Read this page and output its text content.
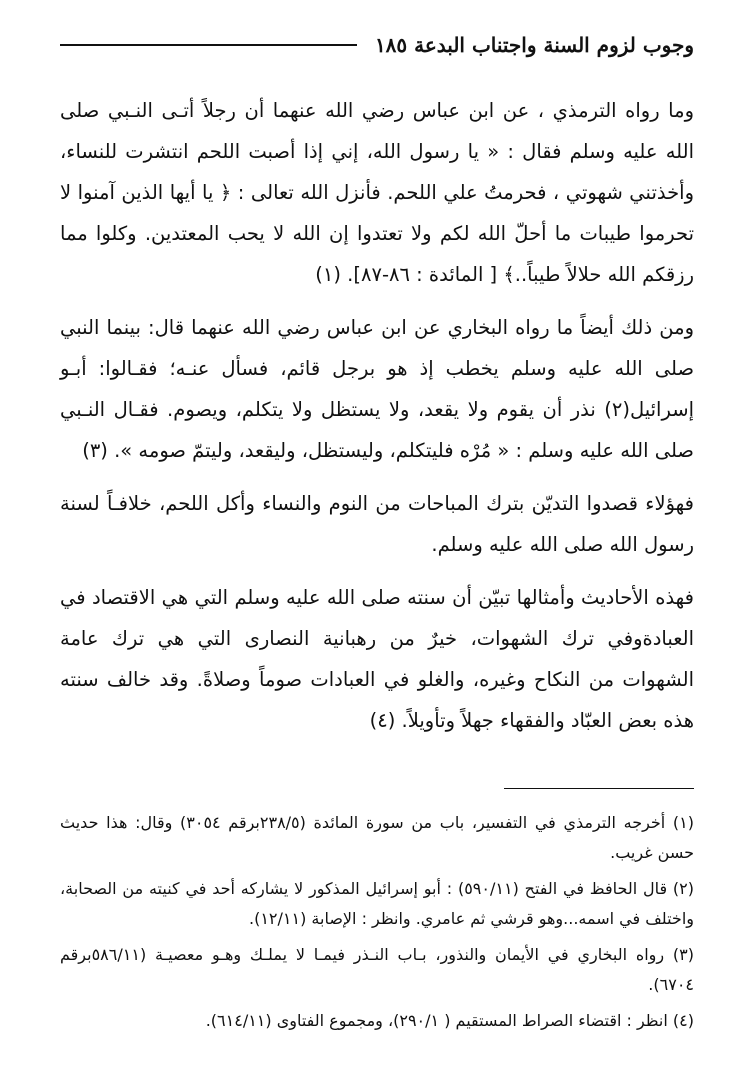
وجوب لزوم السنة واجتناب البدعة ١٨٥

وما رواه الترمذي ، عن ابن عباس رضي الله عنهما أن رجلاً أتـى النـبي صلى الله عليه وسلم فقال : « يا رسول الله، إني إذا أصبت اللحم انتشرت للنساء، وأخذتني شهوتي ، فحرمتُ علي اللحم. فأنزل الله تعالى : ﴿ يا أيها الذين آمنوا لا تحرموا طيبات ما أحلّ الله لكم ولا تعتدوا إن الله لا يحب المعتدين. وكلوا مما رزقكم الله حلالاً طيباً..﴾ [ المائدة : ٨٦-٨٧]. (١)

ومن ذلك أيضاً ما رواه البخاري عن ابن عباس رضي الله عنهما قال: بينما النبي صلى الله عليه وسلم يخطب إذ هو برجل قائم، فسأل عنـه؛ فقـالوا: أبـو إسرائيل(٢) نذر أن يقوم ولا يقعد، ولا يستظل ولا يتكلم، ويصوم. فقـال النـبي صلى الله عليه وسلم : « مُرْه فليتكلم، وليستظل، وليقعد، وليتمّ صومه ». (٣)

فهؤلاء قصدوا التديّن بترك المباحات من النوم والنساء وأكل اللحم، خلافـاً لسنة رسول الله صلى الله عليه وسلم.

فهذه الأحاديث وأمثالها تبيّن أن سنته صلى الله عليه وسلم التي هي الاقتصاد في العبادةوفي ترك الشهوات، خيرٌ من رهبانية النصارى التي هي ترك عامة الشهوات من النكاح وغيره، والغلو في العبادات صوماً وصلاةً. وقد خالف سنته هذه بعض العبّاد والفقهاء جهلاً وتأويلاً. (٤)

(١) أخرجه الترمذي في التفسير، باب من سورة المائدة (٢٣٨/٥برقم ٣٠٥٤) وقال: هذا حديث حسن غريب.

(٢) قال الحافظ في الفتح (٥٩٠/١١) : أبو إسرائيل المذكور لا يشاركه أحد في كنيته من الصحابة، واختلف في اسمه...وهو قرشي ثم عامري. وانظر : الإصابة (١٢/١١).

(٣) رواه البخاري في الأيمان والنذور، بـاب النـذر فيمـا لا يملـك وهـو معصيـة (٥٨٦/١١برقم ٦٧٠٤).

(٤) انظر : اقتضاء الصراط المستقيم ( ٢٩٠/١)، ومجموع الفتاوى (٦١٤/١١).
